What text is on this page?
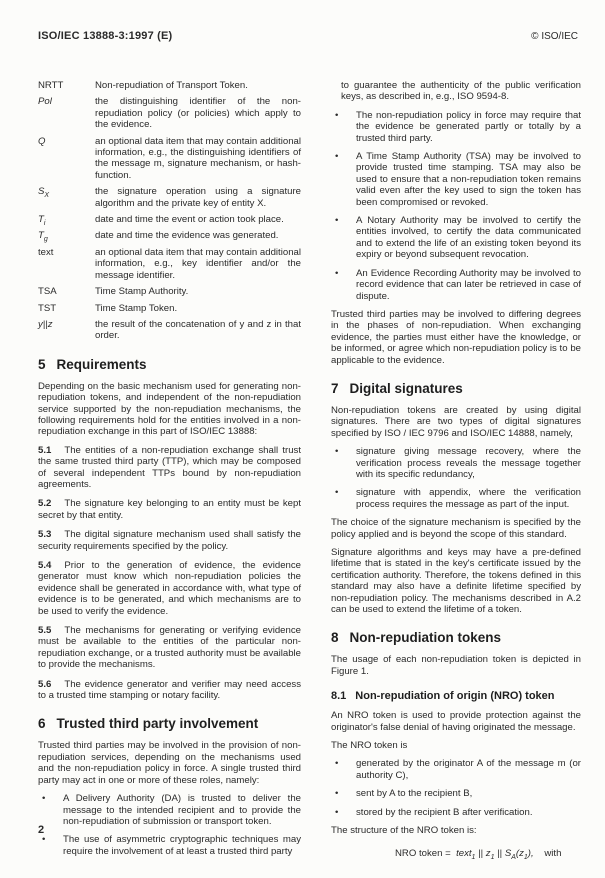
ISO/IEC 13888-3:1997 (E)	© ISO/IEC
NRTT	Non-repudiation of Transport Token.
Pol	the distinguishing identifier of the non-repudiation policy (or policies) which apply to the evidence.
Q	an optional data item that may contain additional information, e.g., the distinguishing identifiers of the message m, signature mechanism, or hash-function.
$S_X$	the signature operation using a signature algorithm and the private key of entity X.
$T_i$	date and time the event or action took place.
$T_g$	date and time the evidence was generated.
text	an optional data item that may contain additional information, e.g., key identifier and/or the message identifier.
TSA	Time Stamp Authority.
TST	Time Stamp Token.
y||z	the result of the concatenation of y and z in that order.
5 Requirements

Depending on the basic mechanism used for generating non-repudiation tokens, and independent of the non-repudiation service supported by the non-repudiation mechanisms, the following requirements hold for the entities involved in a non-repudiation exchange in this part of ISO/IEC 13888:

5.1 The entities of a non-repudiation exchange shall trust the same trusted third party (TTP), which may be composed of several independent TTPs bound by non-repudiation agreements.

5.2 The signature key belonging to an entity must be kept secret by that entity.

5.3 The digital signature mechanism used shall satisfy the security requirements specified by the policy.

5.4 Prior to the generation of evidence, the evidence generator must know which non-repudiation policies the evidence shall be generated in accordance with, what type of evidence is to be generated, and which mechanisms are to be used to verify the evidence.

5.5 The mechanisms for generating or verifying evidence must be available to the entities of the particular non-repudiation exchange, or a trusted authority must be available to provide the mechanisms.

5.6 The evidence generator and verifier may need access to a trusted time stamping or notary facility.

6 Trusted third party involvement

Trusted third parties may be involved in the provision of non-repudiation services, depending on the mechanisms used and the non-repudiation policy in force. A single trusted third party may act in one or more of these roles, namely:

•	A Delivery Authority (DA) is trusted to deliver the message to the intended recipient and to provide the non-repudiation of submission or transport token.
•	The use of asymmetric cryptographic techniques may require the involvement of at least a trusted third party

to guarantee the authenticity of the public verification keys, as described in, e.g., ISO 9594-8.

•	The non-repudiation policy in force may require that the evidence be generated partly or totally by a trusted third party.
•	A Time Stamp Authority (TSA) may be involved to provide trusted time stamping. TSA may also be used to ensure that a non-repudiation token remains valid even after the key used to sign the token has been compromised or revoked.
•	A Notary Authority may be involved to certify the entities involved, to certify the data communicated and to extend the life of an existing token beyond its expiry or beyond subsequent revocation.
•	An Evidence Recording Authority may be involved to record evidence that can later be retrieved in case of dispute.

Trusted third parties may be involved to differing degrees in the phases of non-repudiation. When exchanging evidence, the parties must either have the knowledge, or be informed, or agree which non-repudiation policy is to be applicable to the evidence.

7 Digital signatures

Non-repudiation tokens are created by using digital signatures. There are two types of digital signatures specified by ISO / IEC 9796 and ISO/IEC 14888, namely,

•	signature giving message recovery, where the verification process reveals the message together with its specific redundancy,
•	signature with appendix, where the verification process requires the message as part of the input.

The choice of the signature mechanism is specified by the policy applied and is beyond the scope of this standard.

Signature algorithms and keys may have a pre-defined lifetime that is stated in the key's certificate issued by the certification authority. Therefore, the tokens defined in this standard may also have a definite lifetime specified by non-repudiation policy. The mechanisms described in A.2 can be used to extend the lifetime of a token.

8 Non-repudiation tokens

The usage of each non-repudiation token is depicted in Figure 1.

8.1 Non-repudiation of origin (NRO) token

An NRO token is used to provide protection against the originator's false denial of having originated the message.

The NRO token is

•	generated by the originator A of the message m (or authority C),
•	sent by A to the recipient B,
•	stored by the recipient B after verification.

The structure of the NRO token is:

NRO token = text$_1$ || $z_1$ || $S_A(z_1)$, with
2
